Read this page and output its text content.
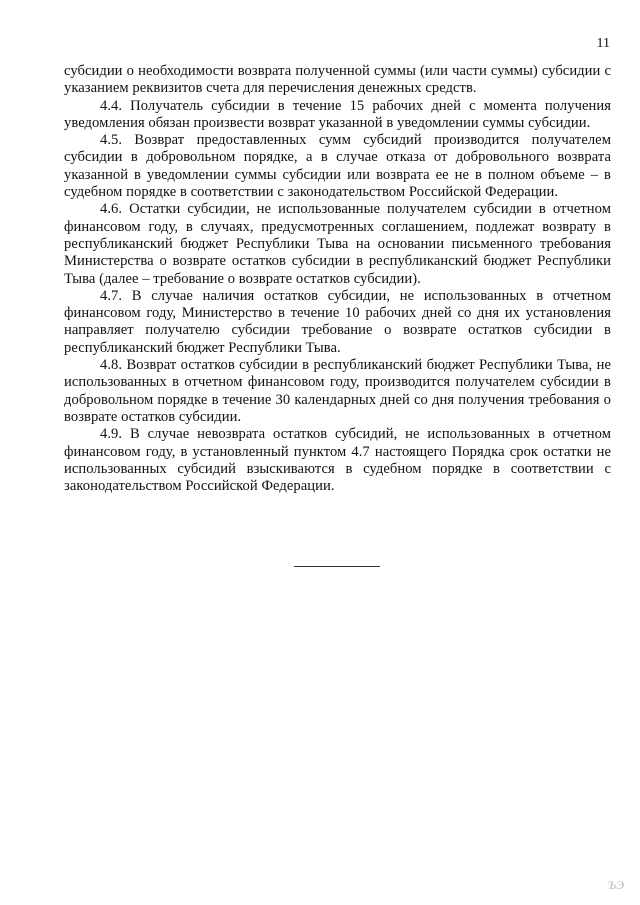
11

субсидии о необходимости возврата полученной суммы (или части суммы) субсидии с указанием реквизитов счета для перечисления денежных средств.

4.4. Получатель субсидии в течение 15 рабочих дней с момента получения уведомления обязан произвести возврат указанной в уведомлении суммы субсидии.

4.5. Возврат предоставленных сумм субсидий производится получателем субсидии в добровольном порядке, а в случае отказа от добровольного возврата указанной в уведомлении суммы субсидии или возврата ее не в полном объеме – в судебном порядке в соответствии с законодательством Российской Федерации.

4.6. Остатки субсидии, не использованные получателем субсидии в отчетном финансовом году, в случаях, предусмотренных соглашением, подлежат возврату в республиканский бюджет Республики Тыва на основании письменного требования Министерства о возврате остатков субсидии в республиканский бюджет Республики Тыва (далее – требование о возврате остатков субсидии).

4.7. В случае наличия остатков субсидии, не использованных в отчетном финансовом году, Министерство в течение 10 рабочих дней со дня их установления направляет получателю субсидии требование о возврате остатков субсидии в республиканский бюджет Республики Тыва.

4.8. Возврат остатков субсидии в республиканский бюджет Республики Тыва, не использованных в отчетном финансовом году, производится получателем субсидии в добровольном порядке в течение 30 календарных дней со дня получения требования о возврате остатков субсидии.

4.9. В случае невозврата остатков субсидий, не использованных в отчетном финансовом году, в установленный пунктом 4.7 настоящего Порядка срок остатки не использованных субсидий взыскиваются в судебном порядке в соответствии с законодательством Российской Федерации.

ЪЭ
